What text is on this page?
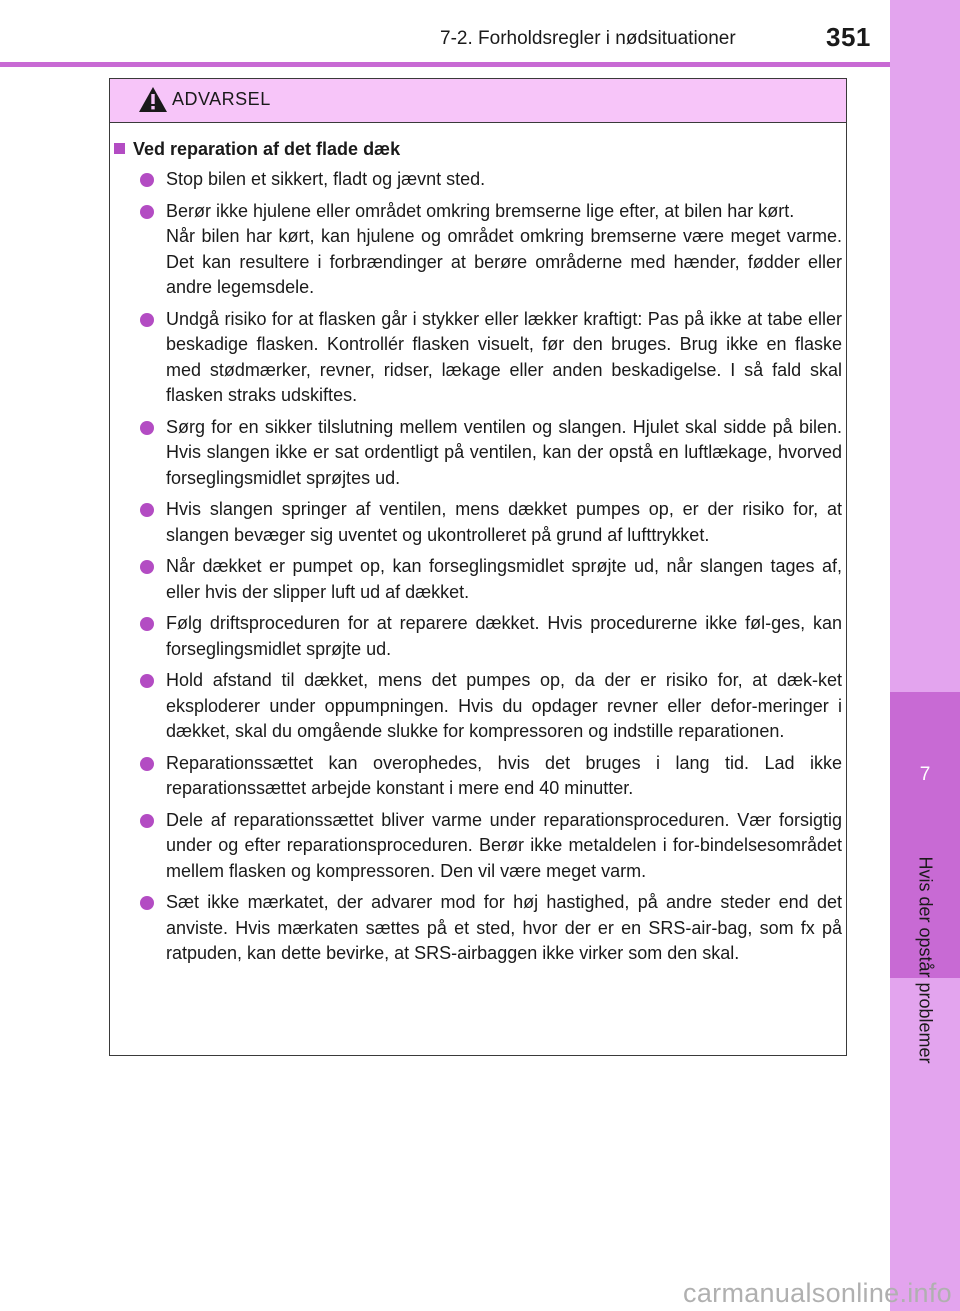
7-2. Forholdsregler i nødsituationer	351
7
Hvis der opstår problemer
ADVARSEL
Ved reparation af det flade dæk
Stop bilen et sikkert, fladt og jævnt sted.
Berør ikke hjulene eller området omkring bremserne lige efter, at bilen har kørt.
Når bilen har kørt, kan hjulene og området omkring bremserne være meget varme. Det kan resultere i forbrændinger at berøre områderne med hænder, fødder eller andre legemsdele.
Undgå risiko for at flasken går i stykker eller lækker kraftigt: Pas på ikke at tabe eller beskadige flasken. Kontrollér flasken visuelt, før den bruges. Brug ikke en flaske med stødmærker, revner, ridser, lækage eller anden beskadigelse. I så fald skal flasken straks udskiftes.
Sørg for en sikker tilslutning mellem ventilen og slangen. Hjulet skal sidde på bilen. Hvis slangen ikke er sat ordentligt på ventilen, kan der opstå en luftlækage, hvorved forseglingsmidlet sprøjtes ud.
Hvis slangen springer af ventilen, mens dækket pumpes op, er der risiko for, at slangen bevæger sig uventet og ukontrolleret på grund af lufttrykket.
Når dækket er pumpet op, kan forseglingsmidlet sprøjte ud, når slangen tages af, eller hvis der slipper luft ud af dækket.
Følg driftsproceduren for at reparere dækket. Hvis procedurerne ikke føl-ges, kan forseglingsmidlet sprøjte ud.
Hold afstand til dækket, mens det pumpes op, da der er risiko for, at dæk-ket eksploderer under oppumpningen. Hvis du opdager revner eller defor-meringer i dækket, skal du omgående slukke for kompressoren og indstille reparationen.
Reparationssættet kan overophedes, hvis det bruges i lang tid. Lad ikke reparationssættet arbejde konstant i mere end 40 minutter.
Dele af reparationssættet bliver varme under reparationsproceduren. Vær forsigtig under og efter reparationsproceduren. Berør ikke metaldelen i for-bindelsesområdet mellem flasken og kompressoren. Den vil være meget varm.
Sæt ikke mærkatet, der advarer mod for høj hastighed, på andre steder end det anviste. Hvis mærkaten sættes på et sted, hvor der er en SRS-air-bag, som fx på ratpuden, kan dette bevirke, at SRS-airbaggen ikke virker som den skal.
carmanualsonline.info
